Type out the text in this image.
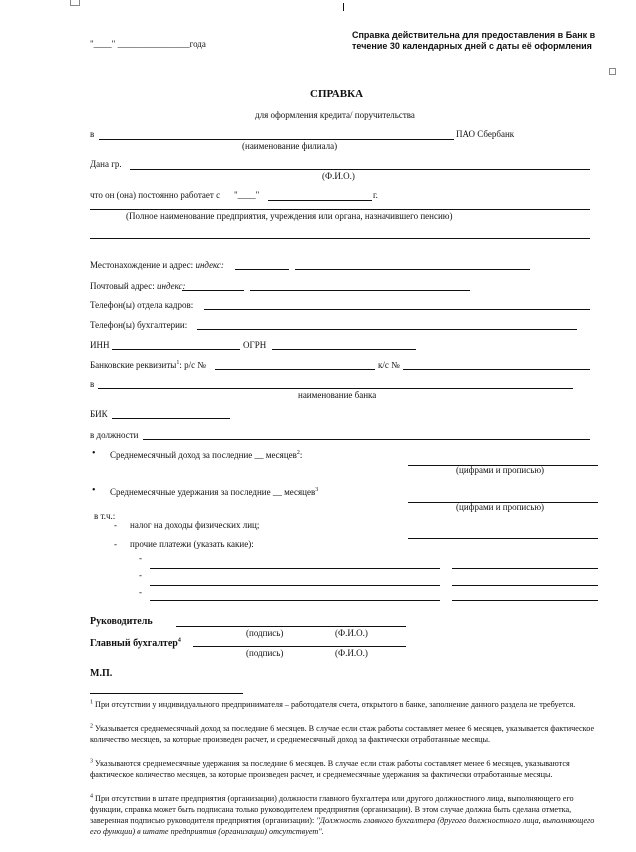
"____" ________________года
Справка действительна для предоставления в Банк в течение 30 календарных дней с даты её оформления
СПРАВКА
для оформления кредита/ поручительства
в	ПАО Сбербанк
(наименование филиала)
Дана гр.
(Ф.И.О.)
что он (она) постоянно работает с "____"	г.
(Полное наименование предприятия, учреждения или органа, назначившего пенсию)
Местонахождение и адрес: индекс:
Почтовый адрес: индекс:
Телефон(ы) отдела кадров:
Телефон(ы) бухгалтерии:
ИНН	ОГРН
Банковские реквизиты$^1$: р/с №	к/с №
в
наименование банка
БИК
в должности
• Среднемесячный доход за последние __ месяцев$^2$:
(цифрами и прописью)
• Среднемесячные удержания за последние __ месяцев$^3$
(цифрами и прописью)
в т.ч.:
- налог на доходы физических лиц;
- прочие платежи (указать какие):
-
-
-
Руководитель
(подпись)	(Ф.И.О.)
Главный бухгалтер$^4$
(подпись)	(Ф.И.О.)
М.П.
$^1$ При отсутствии у индивидуального предпринимателя – работодателя счета, открытого в банке, заполнение данного раздела не требуется.
$^2$ Указывается среднемесячный доход за последние 6 месяцев. В случае если стаж работы составляет менее 6 месяцев, указывается фактическое количество месяцев, за которые произведен расчет, и среднемесячный доход за фактически отработанные месяцы.
$^3$ Указываются среднемесячные удержания за последние 6 месяцев. В случае если стаж работы составляет менее 6 месяцев, указываются фактическое количество месяцев, за которые произведен расчет, и среднемесячные удержания за фактически отработанные месяцы.
$^4$ При отсутствии в штате предприятия (организации) должности главного бухгалтера или другого должностного лица, выполняющего его функции, справка может быть подписана только руководителем предприятия (организации). В этом случае должна быть сделана отметка, заверенная подписью руководителя предприятия (организации): "Должность главного бухгалтера (другого должностного лица, выполняющего его функции) в штате предприятия (организации) отсутствует".
